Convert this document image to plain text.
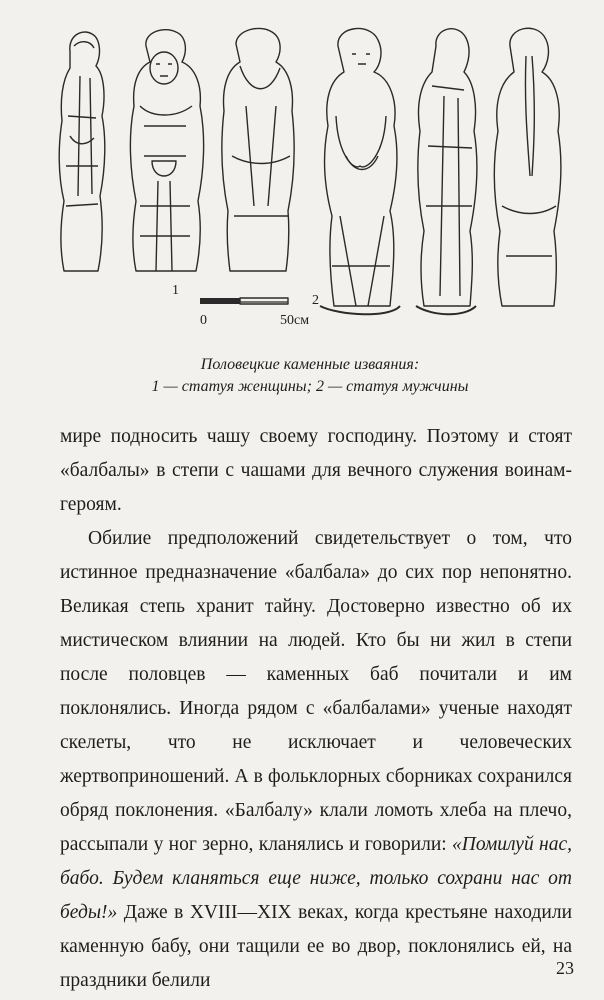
1
2
0	50см
Половецкие каменные изваяния:
1 — статуя женщины; 2 — статуя мужчины

мире подносить чашу своему господину. Поэтому и стоят «балбалы» в степи с чашами для вечного служения воинам-героям.

Обилие предположений свидетельствует о том, что истинное предназначение «балбала» до сих пор непонятно. Великая степь хранит тайну. Достоверно известно об их мистическом влиянии на людей. Кто бы ни жил в степи после половцев — каменных баб почитали и им поклонялись. Иногда рядом с «балбалами» ученые находят скелеты, что не исключает и человеческих жертвоприношений. А в фольклорных сборниках сохранился обряд поклонения. «Балбалу» клали ломоть хлеба на плечо, рассыпали у ног зерно, кланялись и говорили: «Помилуй нас, бабо. Будем кланяться еще ниже, только сохрани нас от беды!» Даже в XVIII—XIX веках, когда крестьяне находили каменную бабу, они тащили ее во двор, поклонялись ей, на праздники белили

23
